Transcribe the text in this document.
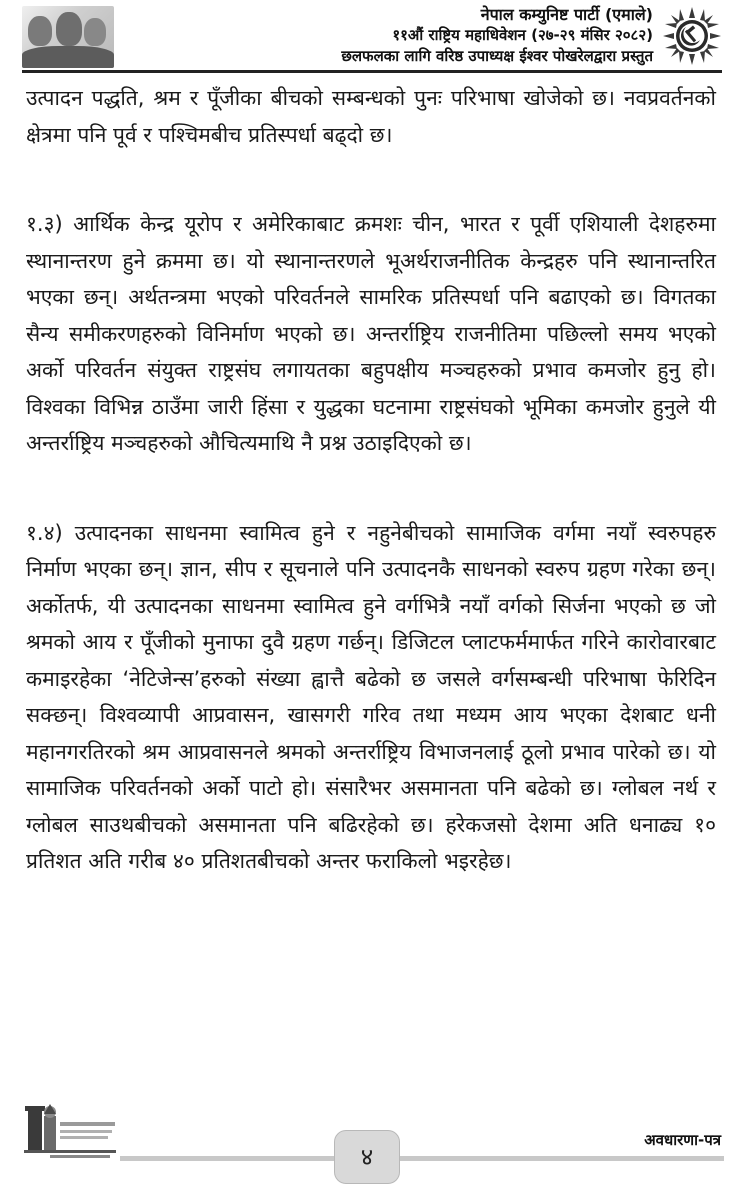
नेपाल कम्युनिष्ट पार्टी (एमाले)
११औं राष्ट्रिय महाधिवेशन (२७-२९ मंसिर २०८२)
छलफलका लागि वरिष्ठ उपाध्यक्ष ईश्वर पोखरेलद्वारा प्रस्तुत

उत्पादन पद्धति, श्रम र पूँजीका बीचको सम्बन्धको पुनः परिभाषा खोजेको छ। नवप्रवर्तनको क्षेत्रमा पनि पूर्व र पश्चिमबीच प्रतिस्पर्धा बढ्दो छ।

१.३) आर्थिक केन्द्र यूरोप र अमेरिकाबाट क्रमशः चीन, भारत र पूर्वी एशियाली देशहरुमा स्थानान्तरण हुने क्रममा छ। यो स्थानान्तरणले भूअर्थराजनीतिक केन्द्रहरु पनि स्थानान्तरित भएका छन्। अर्थतन्त्रमा भएको परिवर्तनले सामरिक प्रतिस्पर्धा पनि बढाएको छ। विगतका सैन्य समीकरणहरुको विनिर्माण भएको छ। अन्तर्राष्ट्रिय राजनीतिमा पछिल्लो समय भएको अर्को परिवर्तन संयुक्त राष्ट्रसंघ लगायतका बहुपक्षीय मञ्चहरुको प्रभाव कमजोर हुनु हो। विश्वका विभिन्न ठाउँमा जारी हिंसा र युद्धका घटनामा राष्ट्रसंघको भूमिका कमजोर हुनुले यी अन्तर्राष्ट्रिय मञ्चहरुको औचित्यमाथि नै प्रश्न उठाइदिएको छ।

१.४) उत्पादनका साधनमा स्वामित्व हुने र नहुनेबीचको सामाजिक वर्गमा नयाँ स्वरुपहरु निर्माण भएका छन्। ज्ञान, सीप र सूचनाले पनि उत्पादनकै साधनको स्वरुप ग्रहण गरेका छन्। अर्कोतर्फ, यी उत्पादनका साधनमा स्वामित्व हुने वर्गभित्रै नयाँ वर्गको सिर्जना भएको छ जो श्रमको आय र पूँजीको मुनाफा दुवै ग्रहण गर्छन्। डिजिटल प्लाटफर्ममार्फत गरिने कारोवारबाट कमाइरहेका ‘नेटिजेन्स’हरुको संख्या ह्वात्तै बढेको छ जसले वर्गसम्बन्धी परिभाषा फेरिदिन सक्छन्। विश्वव्यापी आप्रवासन, खासगरी गरिव तथा मध्यम आय भएका देशबाट धनी महानगरतिरको श्रम आप्रवासनले श्रमको अन्तर्राष्ट्रिय विभाजनलाई ठूलो प्रभाव पारेको छ। यो सामाजिक परिवर्तनको अर्को पाटो हो। संसारैभर असमानता पनि बढेको छ। ग्लोबल नर्थ र ग्लोबल साउथबीचको असमानता पनि बढिरहेको छ। हरेकजसो देशमा अति धनाढ्य १० प्रतिशत अति गरीब ४० प्रतिशतबीचको अन्तर फराकिलो भइरहेछ।

४
अवधारणा-पत्र
